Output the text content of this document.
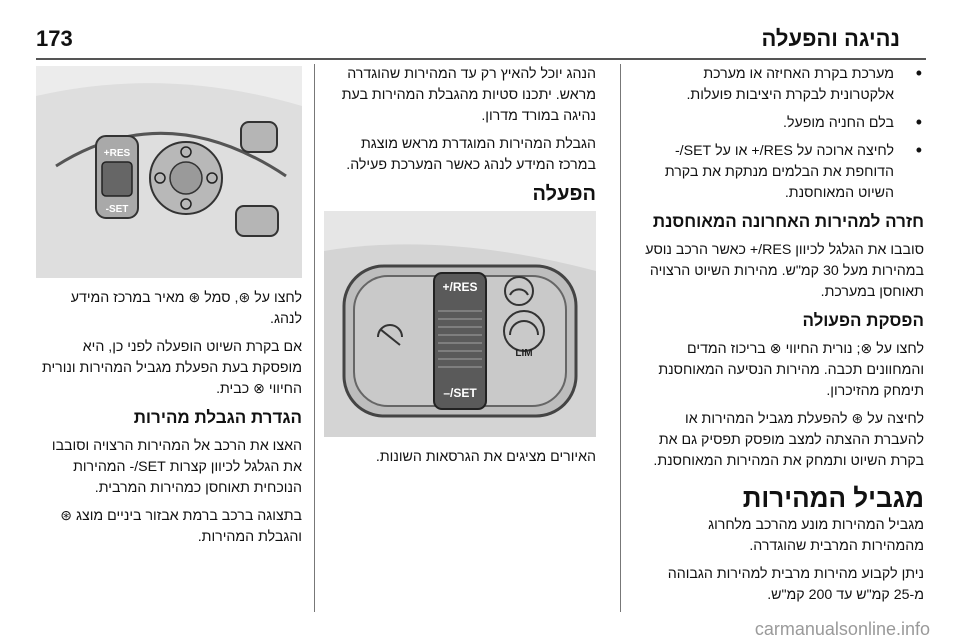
173	נהיגה והפעלה

• מערכת בקרת האחיזה או מערכת אלקטרונית לבקרת היציבות פועלות.

• בלם החניה מופעל.

• לחיצה ארוכה על RES/+ או על SET/- הדוחפת את הבלמים מנתקת את בקרת השיוט המאוחסנת.

חזרה למהירות האחרונה המאוחסנת

סובבו את הגלגל לכיוון RES/+ כאשר הרכב נוסע במהירות מעל 30 קמ"ש. מהירות השיוט הרצויה תאוחסן במערכת.

הפסקת הפעולה

לחצו על ⊗; נורית החיווי ⊗ בריכוז המדים והמחוונים תכבה. מהירות הנסיעה המאוחסנת תימחק מהזיכרון.

לחיצה על ⊛ להפעלת מגביל המהירות או להעברת ההצתה למצב מופסק תפסיק גם את בקרת השיוט ותמחק את המהירות המאוחסנת.

מגביל המהירות

מגביל המהירות מונע מהרכב מלחרוג מהמהירות המרבית שהוגדרה.

ניתן לקבוע מהירות מרבית למהירות הגבוהה מ-25 קמ"ש עד 200 קמ"ש.

הנהג יוכל להאיץ רק עד המהירות שהוגדרה מראש. יתכנו סטיות מהגבלת המהירות בעת נהיגה במורד מדרון.

הגבלת המהירות המוגדרת מראש מוצגת במרכז המידע לנהג כאשר המערכת פעילה.

הפעלה
RES/+
SET/–
LIM

האיורים מציגים את הגרסאות השונות.

RES+
SET-

לחצו על ⊛, סמל ⊛ מאיר במרכז המידע לנהג.

אם בקרת השיוט הופעלה לפני כן, היא מופסקת בעת הפעלת מגביל המהירות ונורית החיווי ⊗ כבית.

הגדרת הגבלת מהירות

האצו את הרכב אל המהירות הרצויה וסובבו את הגלגל לכיוון קצרות SET/- המהירות הנוכחית תאוחסן כמהירות המרבית.

בתצוגה ברכב ברמת אבזור ביניים מוצג ⊛ והגבלת המהירות.

carmanualsonline.info
